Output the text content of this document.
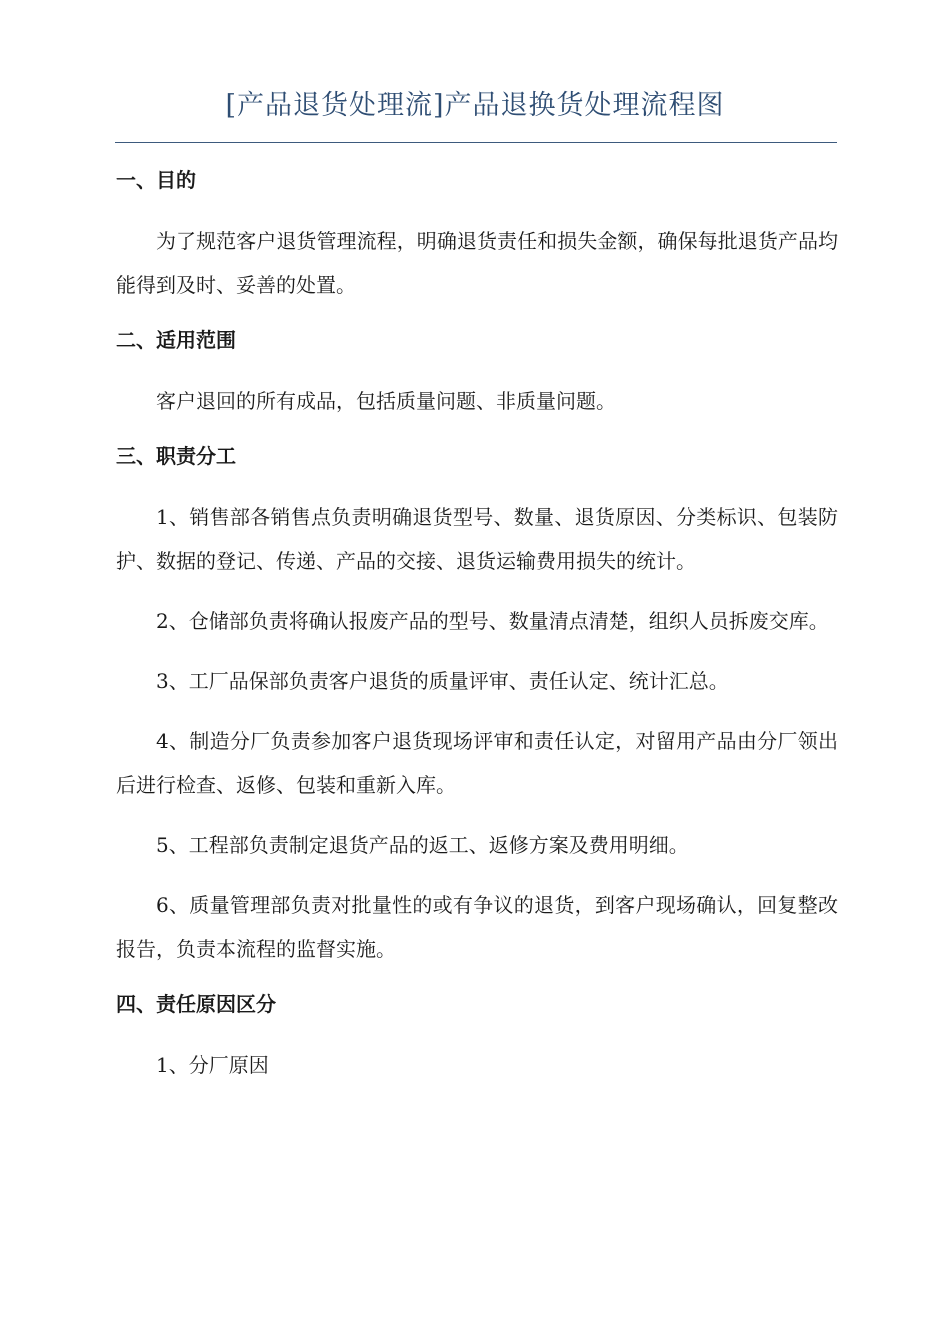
[产品退货处理流]产品退换货处理流程图
一、目的

为了规范客户退货管理流程，明确退货责任和损失金额，确保每批退货产品均能得到及时、妥善的处置。

二、适用范围

客户退回的所有成品，包括质量问题、非质量问题。

三、职责分工

1、销售部各销售点负责明确退货型号、数量、退货原因、分类标识、包装防护、数据的登记、传递、产品的交接、退货运输费用损失的统计。

2、仓储部负责将确认报废产品的型号、数量清点清楚，组织人员拆废交库。

3、工厂品保部负责客户退货的质量评审、责任认定、统计汇总。

4、制造分厂负责参加客户退货现场评审和责任认定，对留用产品由分厂领出后进行检查、返修、包装和重新入库。

5、工程部负责制定退货产品的返工、返修方案及费用明细。

6、质量管理部负责对批量性的或有争议的退货，到客户现场确认，回复整改报告，负责本流程的监督实施。

四、责任原因区分

1、分厂原因
